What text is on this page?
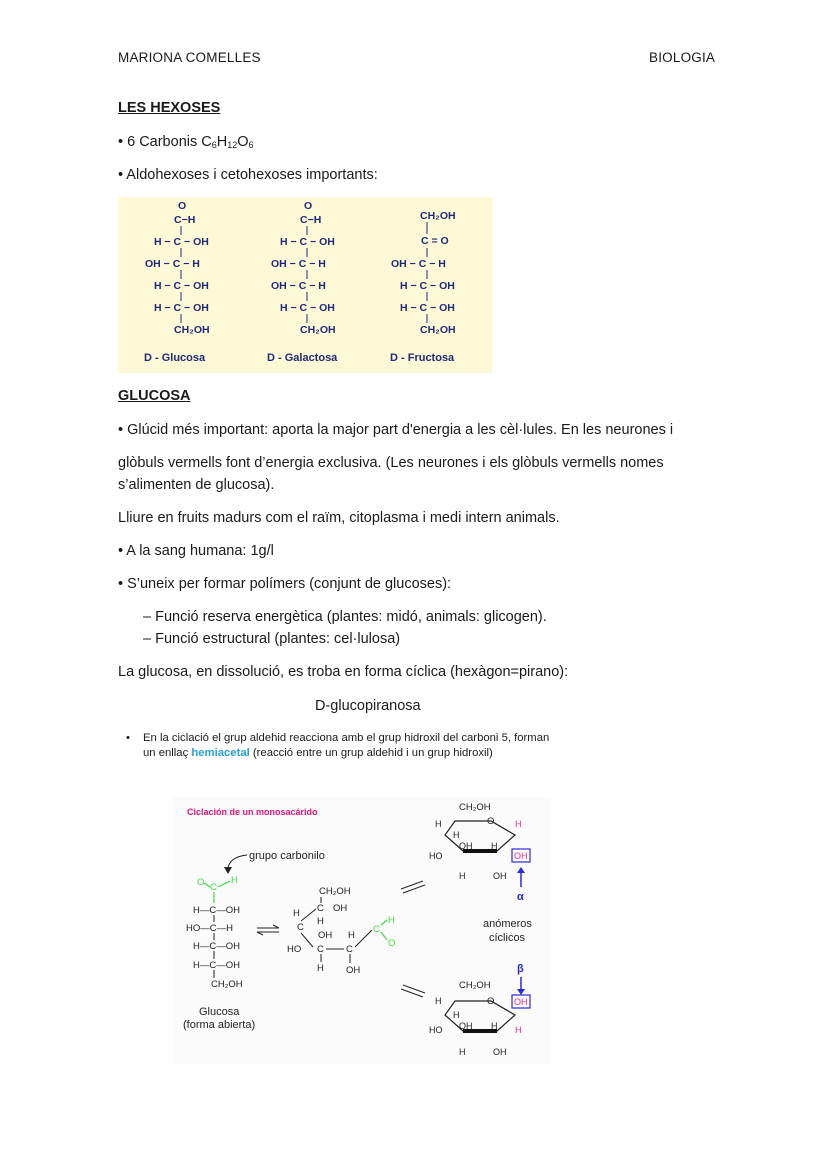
MARIONA COMELLES	BIOLOGIA
LES HEXOSES
• 6 Carbonis $C_6H_{12}O_6$
• Aldohexoses i cetohexoses importants:
O
C−H
H − C − OH
OH − C − H
H − C − OH
H − C − OH
CH₂OH
O
C−H
H − C − OH
OH − C − H
OH − C − H
H − C − OH
CH₂OH
CH₂OH
C = O
OH − C − H
H − C − OH
H − C − OH
CH₂OH
D - Glucosa	D - Galactosa	D - Fructosa
GLUCOSA
• Glúcid més important: aporta la major part d'energia a les cèl·lules. En les neurones i
glòbuls vermells font d’energia exclusiva. (Les neurones i els glòbuls vermells nomes
s’alimenten de glucosa).
Lliure en fruits madurs com el raïm, citoplasma i medi intern animals.
• A la sang humana: 1g/l
• S’uneix per formar polímers (conjunt de glucoses):
– Funció reserva energètica (plantes: midó, animals: glicogen).
– Funció estructural (plantes: cel·lulosa)
La glucosa, en dissolució, es troba en forma cíclica (hexàgon=pirano):
D-glucopiranosa
• En la ciclació el grup aldehid reacciona amb el grup hidroxil del carboni 5, forman
un enllaç hemiacetal (reacció entre un grup aldehid i un grup hidroxil)
Ciclación de un monosacárido
grupo carbonilo
O C
H
H—C—OH
HO—C—H
H—C—OH
H—C—OH
CH₂OH
Glucosa
(forma abierta)
CH₂OH
H C OH
H
C
OH H
HO C C
H OH
C
H
O
CH₂OH
O
H
H
OH H
HO
H	OH
H
OH
α
anómeros
cíclicos
β
CH₂OH
O OH
H
H
OH H H
HO
H	OH
